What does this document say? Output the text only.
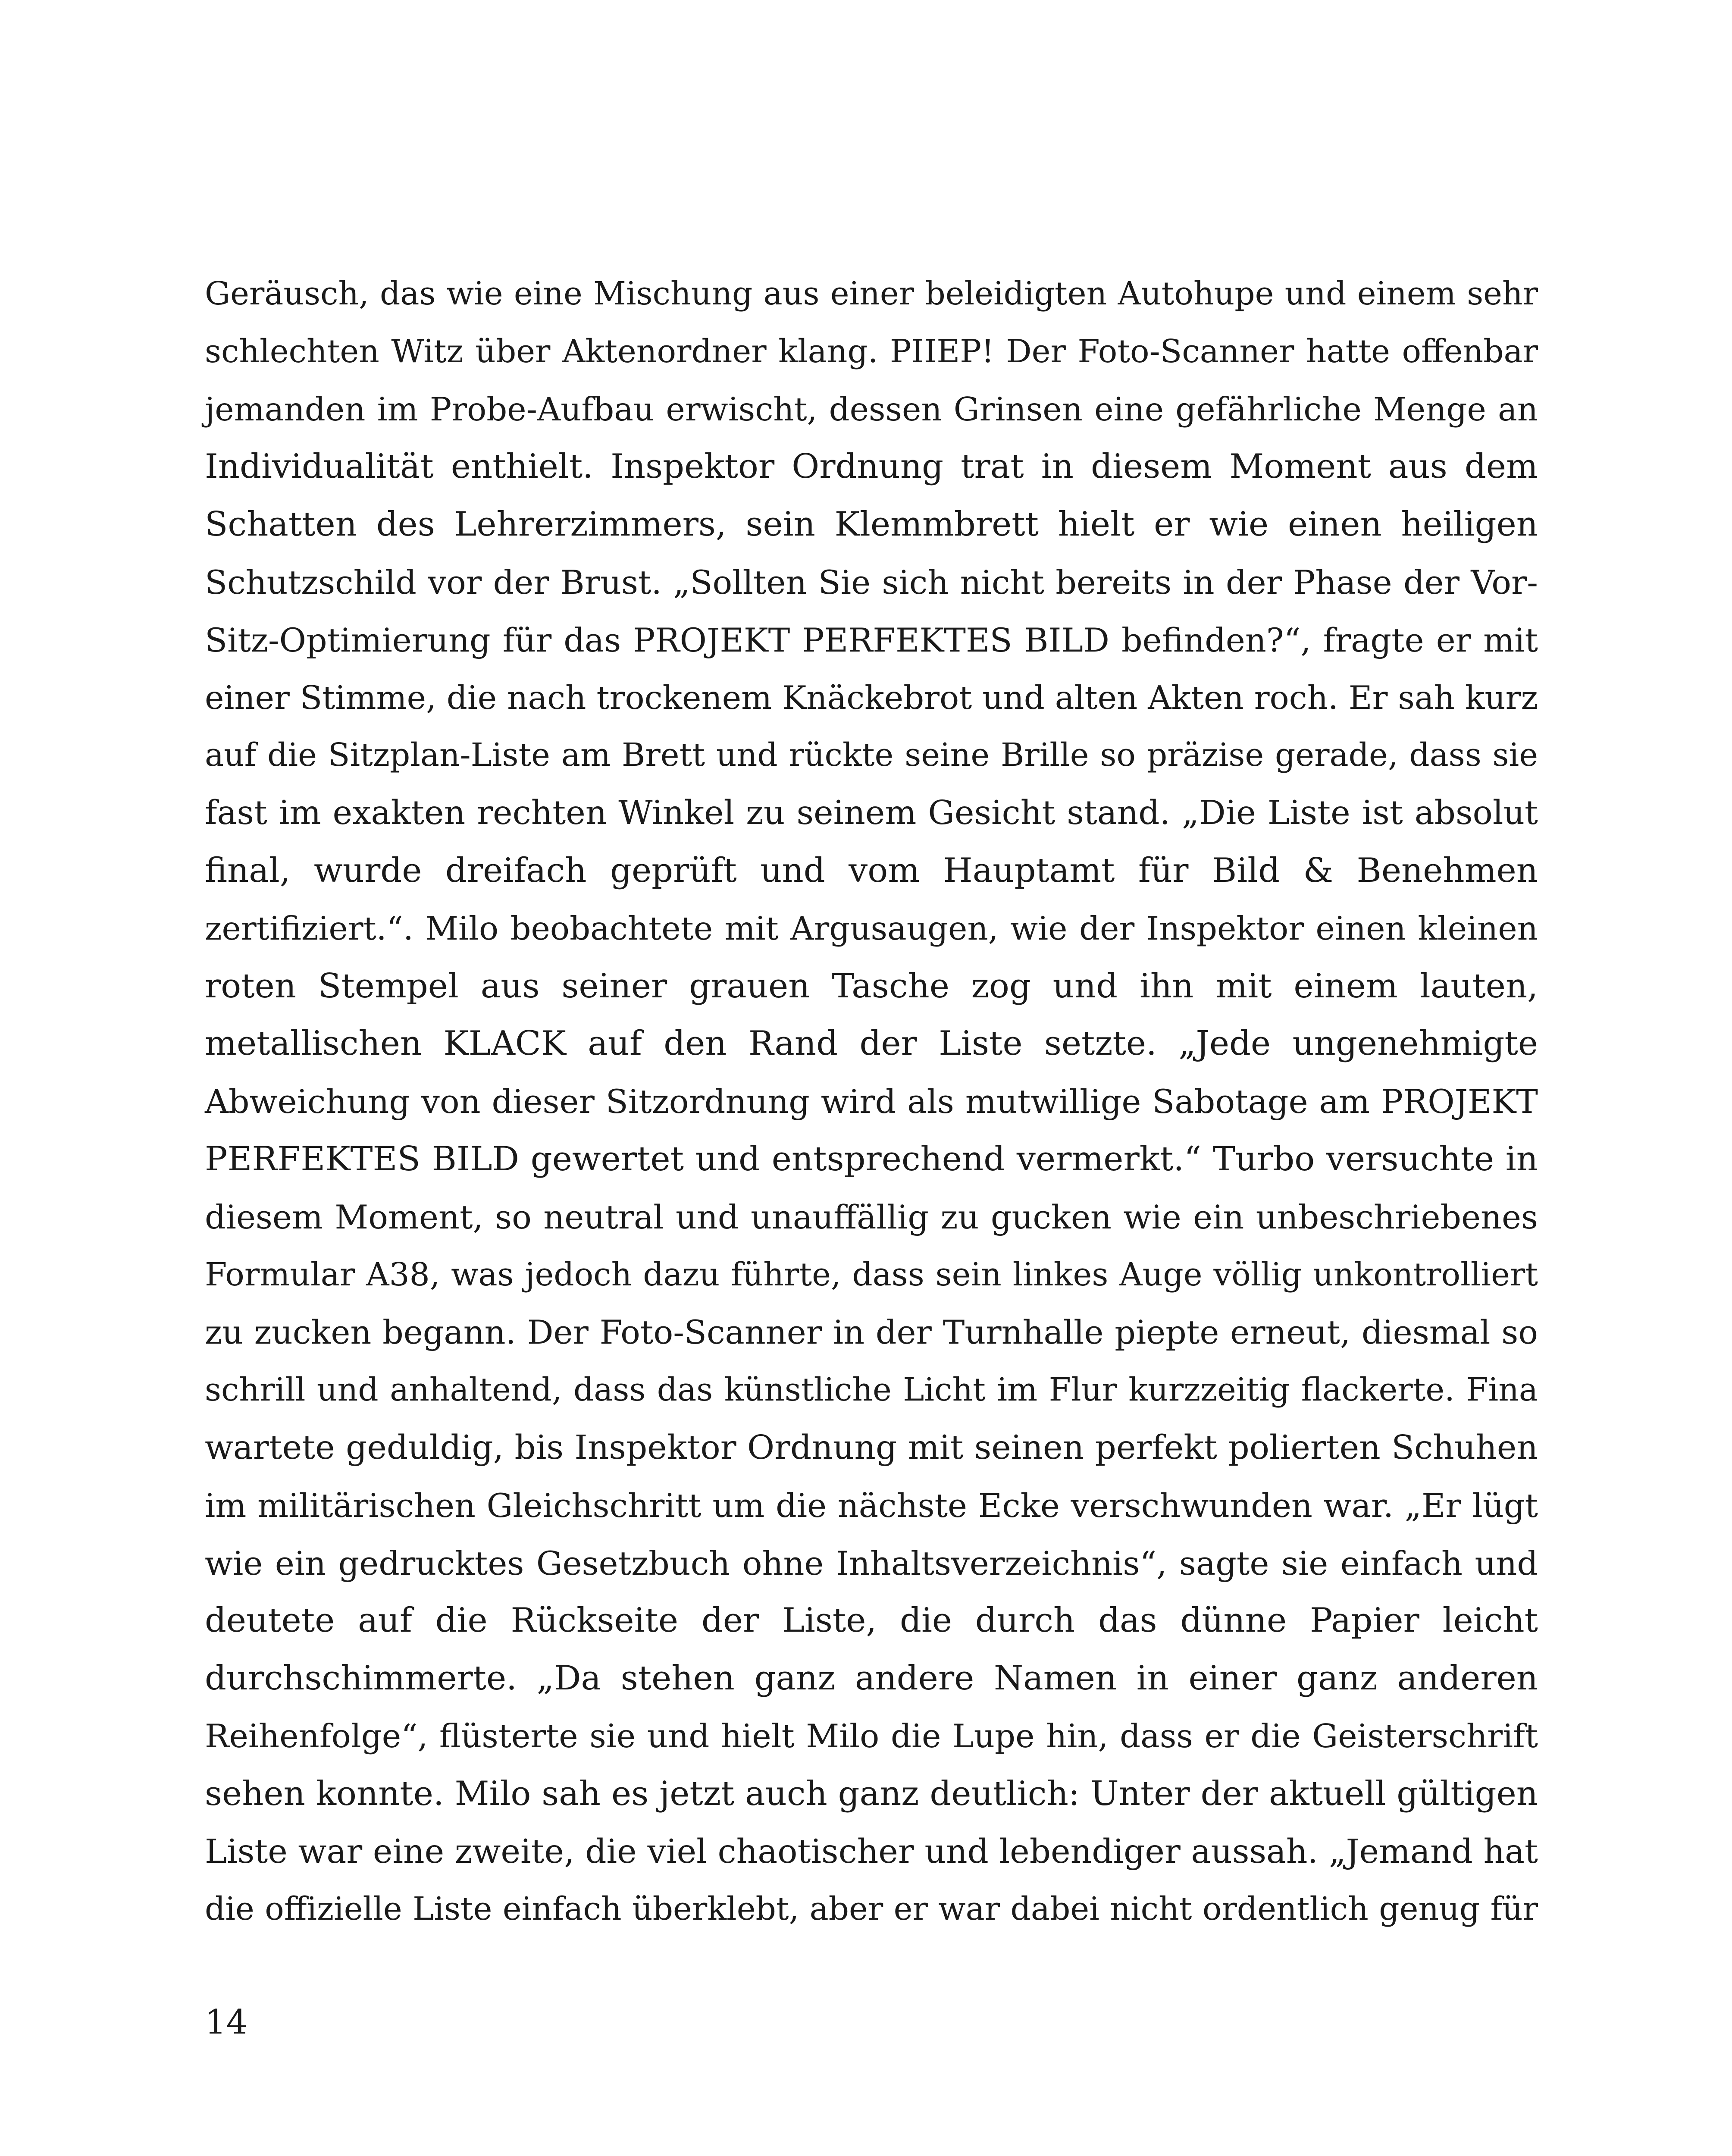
Geräusch, das wie eine Mischung aus einer beleidigten Autohupe und einem sehr
schlechten Witz über Aktenordner klang. PIIEP! Der Foto-Scanner hatte offenbar
jemanden im Probe-Aufbau erwischt, dessen Grinsen eine gefährliche Menge an
Individualität enthielt. Inspektor Ordnung trat in diesem Moment aus dem
Schatten des Lehrerzimmers, sein Klemmbrett hielt er wie einen heiligen
Schutzschild vor der Brust. „Sollten Sie sich nicht bereits in der Phase der Vor-
Sitz-Optimierung für das PROJEKT PERFEKTES BILD befinden?“, fragte er mit
einer Stimme, die nach trockenem Knäckebrot und alten Akten roch. Er sah kurz
auf die Sitzplan-Liste am Brett und rückte seine Brille so präzise gerade, dass sie
fast im exakten rechten Winkel zu seinem Gesicht stand. „Die Liste ist absolut
final, wurde dreifach geprüft und vom Hauptamt für Bild & Benehmen
zertifiziert.“. Milo beobachtete mit Argusaugen, wie der Inspektor einen kleinen
roten Stempel aus seiner grauen Tasche zog und ihn mit einem lauten,
metallischen KLACK auf den Rand der Liste setzte. „Jede ungenehmigte
Abweichung von dieser Sitzordnung wird als mutwillige Sabotage am PROJEKT
PERFEKTES BILD gewertet und entsprechend vermerkt.“ Turbo versuchte in
diesem Moment, so neutral und unauffällig zu gucken wie ein unbeschriebenes
Formular A38, was jedoch dazu führte, dass sein linkes Auge völlig unkontrolliert
zu zucken begann. Der Foto-Scanner in der Turnhalle piepte erneut, diesmal so
schrill und anhaltend, dass das künstliche Licht im Flur kurzzeitig flackerte. Fina
wartete geduldig, bis Inspektor Ordnung mit seinen perfekt polierten Schuhen
im militärischen Gleichschritt um die nächste Ecke verschwunden war. „Er lügt
wie ein gedrucktes Gesetzbuch ohne Inhaltsverzeichnis“, sagte sie einfach und
deutete auf die Rückseite der Liste, die durch das dünne Papier leicht
durchschimmerte. „Da stehen ganz andere Namen in einer ganz anderen
Reihenfolge“, flüsterte sie und hielt Milo die Lupe hin, dass er die Geisterschrift
sehen konnte. Milo sah es jetzt auch ganz deutlich: Unter der aktuell gültigen
Liste war eine zweite, die viel chaotischer und lebendiger aussah. „Jemand hat
die offizielle Liste einfach überklebt, aber er war dabei nicht ordentlich genug für
14
